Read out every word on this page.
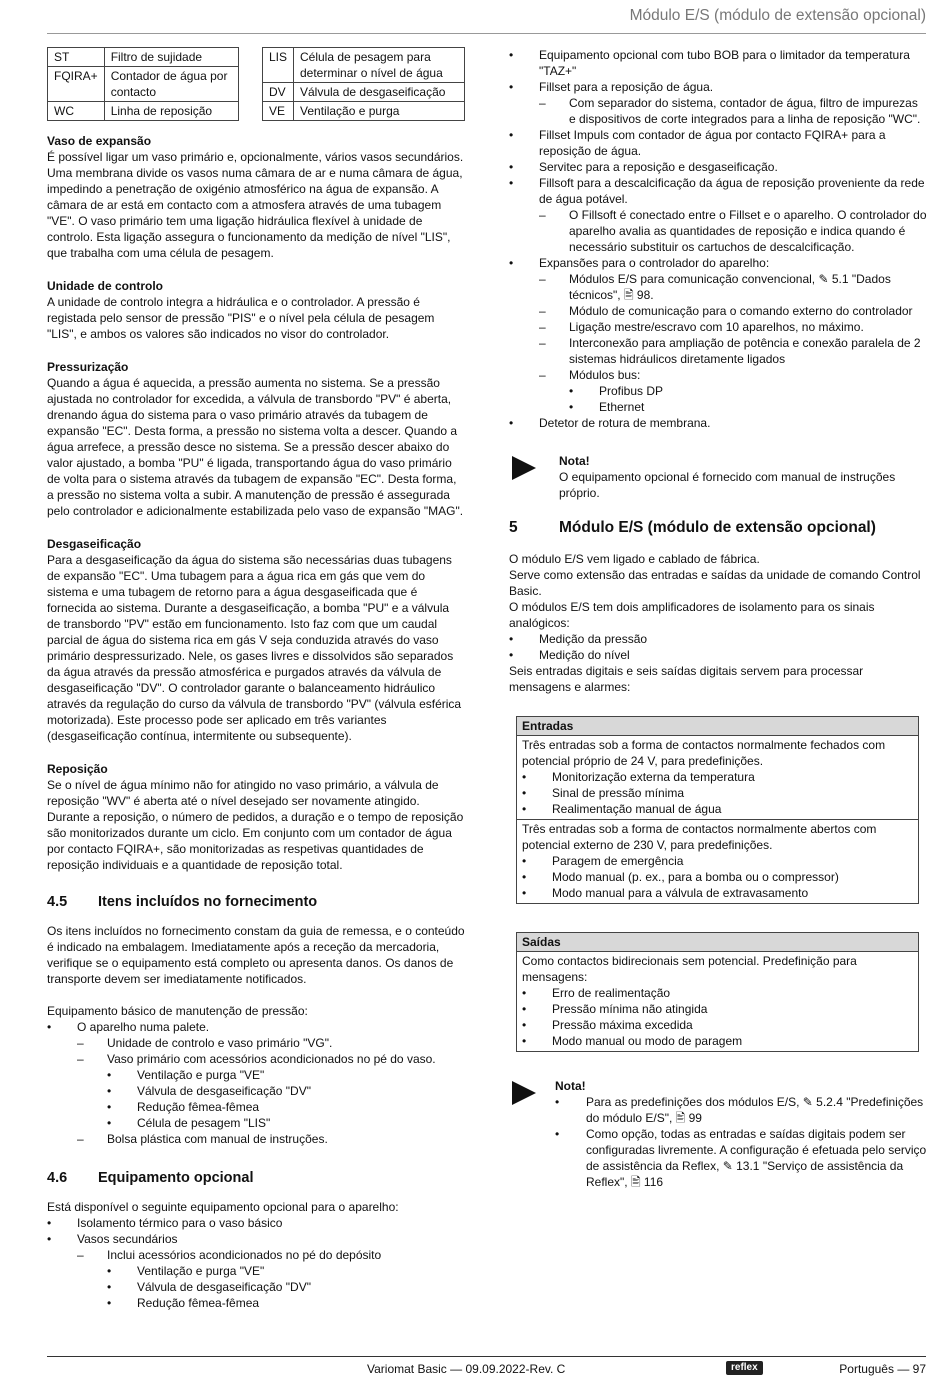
Módulo E/S (módulo de extensão opcional)
ST	Filtro de sujidade
FQIRA+	Contador de água por contacto
WC	Linha de reposição
LIS	Célula de pesagem para determinar o nível de água
DV	Válvula de desgaseificação
VE	Ventilação e purga

Vaso de expansão

É possível ligar um vaso primário e, opcionalmente, vários vasos secundários. Uma membrana divide os vasos numa câmara de ar e numa câmara de água, impedindo a penetração de oxigénio atmosférico na água de expansão. A câmara de ar está em contacto com a atmosfera através de uma tubagem "VE". O vaso primário tem uma ligação hidráulica flexível à unidade de controlo. Esta ligação assegura o funcionamento da medição de nível "LIS", que trabalha com uma célula de pesagem.

Unidade de controlo

A unidade de controlo integra a hidráulica e o controlador. A pressão é registada pelo sensor de pressão "PIS" e o nível pela célula de pesagem "LIS", e ambos os valores são indicados no visor do controlador.

Pressurização

Quando a água é aquecida, a pressão aumenta no sistema. Se a pressão ajustada no controlador for excedida, a válvula de transbordo "PV" é aberta, drenando água do sistema para o vaso primário através da tubagem de expansão "EC". Desta forma, a pressão no sistema volta a descer. Quando a água arrefece, a pressão desce no sistema. Se a pressão descer abaixo do valor ajustado, a bomba "PU" é ligada, transportando água do vaso primário de volta para o sistema através da tubagem de expansão "EC". Desta forma, a pressão no sistema volta a subir. A manutenção de pressão é assegurada pelo controlador e adicionalmente estabilizada pelo vaso de expansão "MAG".

Desgaseificação

Para a desgaseificação da água do sistema são necessárias duas tubagens de expansão "EC". Uma tubagem para a água rica em gás que vem do sistema e uma tubagem de retorno para a água desgaseificada que é fornecida ao sistema. Durante a desgaseificação, a bomba "PU" e a válvula de transbordo "PV" estão em funcionamento. Isto faz com que um caudal parcial de água do sistema rica em gás V seja conduzida através do vaso primário despressurizado. Nele, os gases livres e dissolvidos são separados da água através da pressão atmosférica e purgados através da válvula de desgaseificação "DV". O controlador garante o balanceamento hidráulico através da regulação do curso da válvula de transbordo "PV" (válvula esférica motorizada). Este processo pode ser aplicado em três variantes (desgaseificação contínua, intermitente ou subsequente).

Reposição

Se o nível de água mínimo não for atingido no vaso primário, a válvula de reposição "WV" é aberta até o nível desejado ser novamente atingido. Durante a reposição, o número de pedidos, a duração e o tempo de reposição são monitorizados durante um ciclo. Em conjunto com um contador de água por contacto FQIRA+, são monitorizadas as respetivas quantidades de reposição individuais e a quantidade de reposição total.

4.5	Itens incluídos no fornecimento

Os itens incluídos no fornecimento constam da guia de remessa, e o conteúdo é indicado na embalagem. Imediatamente após a receção da mercadoria, verifique se o equipamento está completo ou apresenta danos. Os danos de transporte devem ser imediatamente notificados.

Equipamento básico de manutenção de pressão:

• O aparelho numa palete.
– Unidade de controlo e vaso primário "VG".
– Vaso primário com acessórios acondicionados no pé do vaso.
• Ventilação e purga "VE"
• Válvula de desgaseificação "DV"
• Redução fêmea-fêmea
• Célula de pesagem "LIS"
– Bolsa plástica com manual de instruções.
4.6	Equipamento opcional

Está disponível o seguinte equipamento opcional para o aparelho:

• Isolamento térmico para o vaso básico
• Vasos secundários
– Inclui acessórios acondicionados no pé do depósito
• Ventilação e purga "VE"
• Válvula de desgaseificação "DV"
• Redução fêmea-fêmea
• Equipamento opcional com tubo BOB para o limitador da temperatura "TAZ+"
• Fillset para a reposição de água.
– Com separador do sistema, contador de água, filtro de impurezas e dispositivos de corte integrados para a linha de reposição "WC".
• Fillset Impuls com contador de água por contacto FQIRA+ para a reposição de água.
• Servitec para a reposição e desgaseificação.
• Fillsoft para a descalcificação da água de reposição proveniente da rede de água potável.
– O Fillsoft é conectado entre o Fillset e o aparelho. O controlador do aparelho avalia as quantidades de reposição e indica quando é necessário substituir os cartuchos de descalcificação.
• Expansões para o controlador do aparelho:
– Módulos E/S para comunicação convencional, ✎ 5.1 "Dados técnicos", 🖹 98.
– Módulo de comunicação para o comando externo do controlador
– Ligação mestre/escravo com 10 aparelhos, no máximo.
– Interconexão para ampliação de potência e conexão paralela de 2 sistemas hidráulicos diretamente ligados
– Módulos bus:
• Profibus DP
• Ethernet
• Detetor de rotura de membrana.

Nota!

O equipamento opcional é fornecido com manual de instruções próprio.

5	Módulo E/S (módulo de extensão opcional)

O módulo E/S vem ligado e cablado de fábrica.

Serve como extensão das entradas e saídas da unidade de comando Control Basic.

O módulos E/S tem dois amplificadores de isolamento para os sinais analógicos:

• Medição da pressão
• Medição do nível

Seis entradas digitais e seis saídas digitais servem para processar mensagens e alarmes:

Entradas

Três entradas sob a forma de contactos normalmente fechados com potencial próprio de 24 V, para predefinições.

• Monitorização externa da temperatura
• Sinal de pressão mínima
• Realimentação manual de água

Três entradas sob a forma de contactos normalmente abertos com potencial externo de 230 V, para predefinições.

• Paragem de emergência
• Modo manual (p. ex., para a bomba ou o compressor)
• Modo manual para a válvula de extravasamento
Saídas

Como contactos bidirecionais sem potencial. Predefinição para mensagens:

• Erro de realimentação
• Pressão mínima não atingida
• Pressão máxima excedida
• Modo manual ou modo de paragem

Nota!

• Para as predefinições dos módulos E/S, ✎ 5.2.4 "Predefinições do módulo E/S", 🖹 99
• Como opção, todas as entradas e saídas digitais podem ser configuradas livremente. A configuração é efetuada pelo serviço de assistência da Reflex, ✎ 13.1 "Serviço de assistência da Reflex", 🖹 116
Variomat Basic — 09.09.2022-Rev. C	reflex	Português — 97
